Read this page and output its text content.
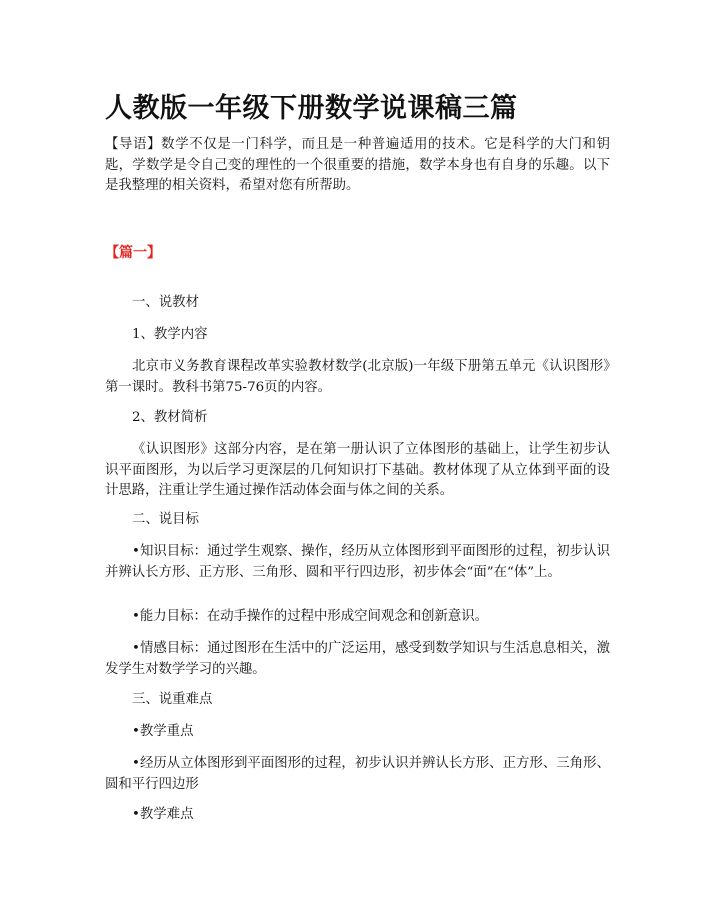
人教版一年级下册数学说课稿三篇

【导语】数学不仅是一门科学，而且是一种普遍适用的技术。它是科学的大门和钥匙，学数学是令自己变的理性的一个很重要的措施，数学本身也有自身的乐趣。以下是我整理的相关资料，希望对您有所帮助。

【篇一】

一、说教材

1、教学内容

北京市义务教育课程改革实验教材数学(北京版)一年级下册第五单元《认识图形》第一课时。教科书第75-76页的内容。

2、教材简析

《认识图形》这部分内容，是在第一册认识了立体图形的基础上，让学生初步认识平面图形，为以后学习更深层的几何知识打下基础。教材体现了从立体到平面的设计思路，注重让学生通过操作活动体会面与体之间的关系。

二、说目标

•知识目标：通过学生观察、操作，经历从立体图形到平面图形的过程，初步认识并辨认长方形、正方形、三角形、圆和平行四边形，初步体会“面”在“体”上。

•能力目标：在动手操作的过程中形成空间观念和创新意识。

•情感目标：通过图形在生活中的广泛运用，感受到数学知识与生活息息相关，激发学生对数学学习的兴趣。

三、说重难点

•教学重点

•经历从立体图形到平面图形的过程，初步认识并辨认长方形、正方形、三角形、圆和平行四边形

•教学难点
